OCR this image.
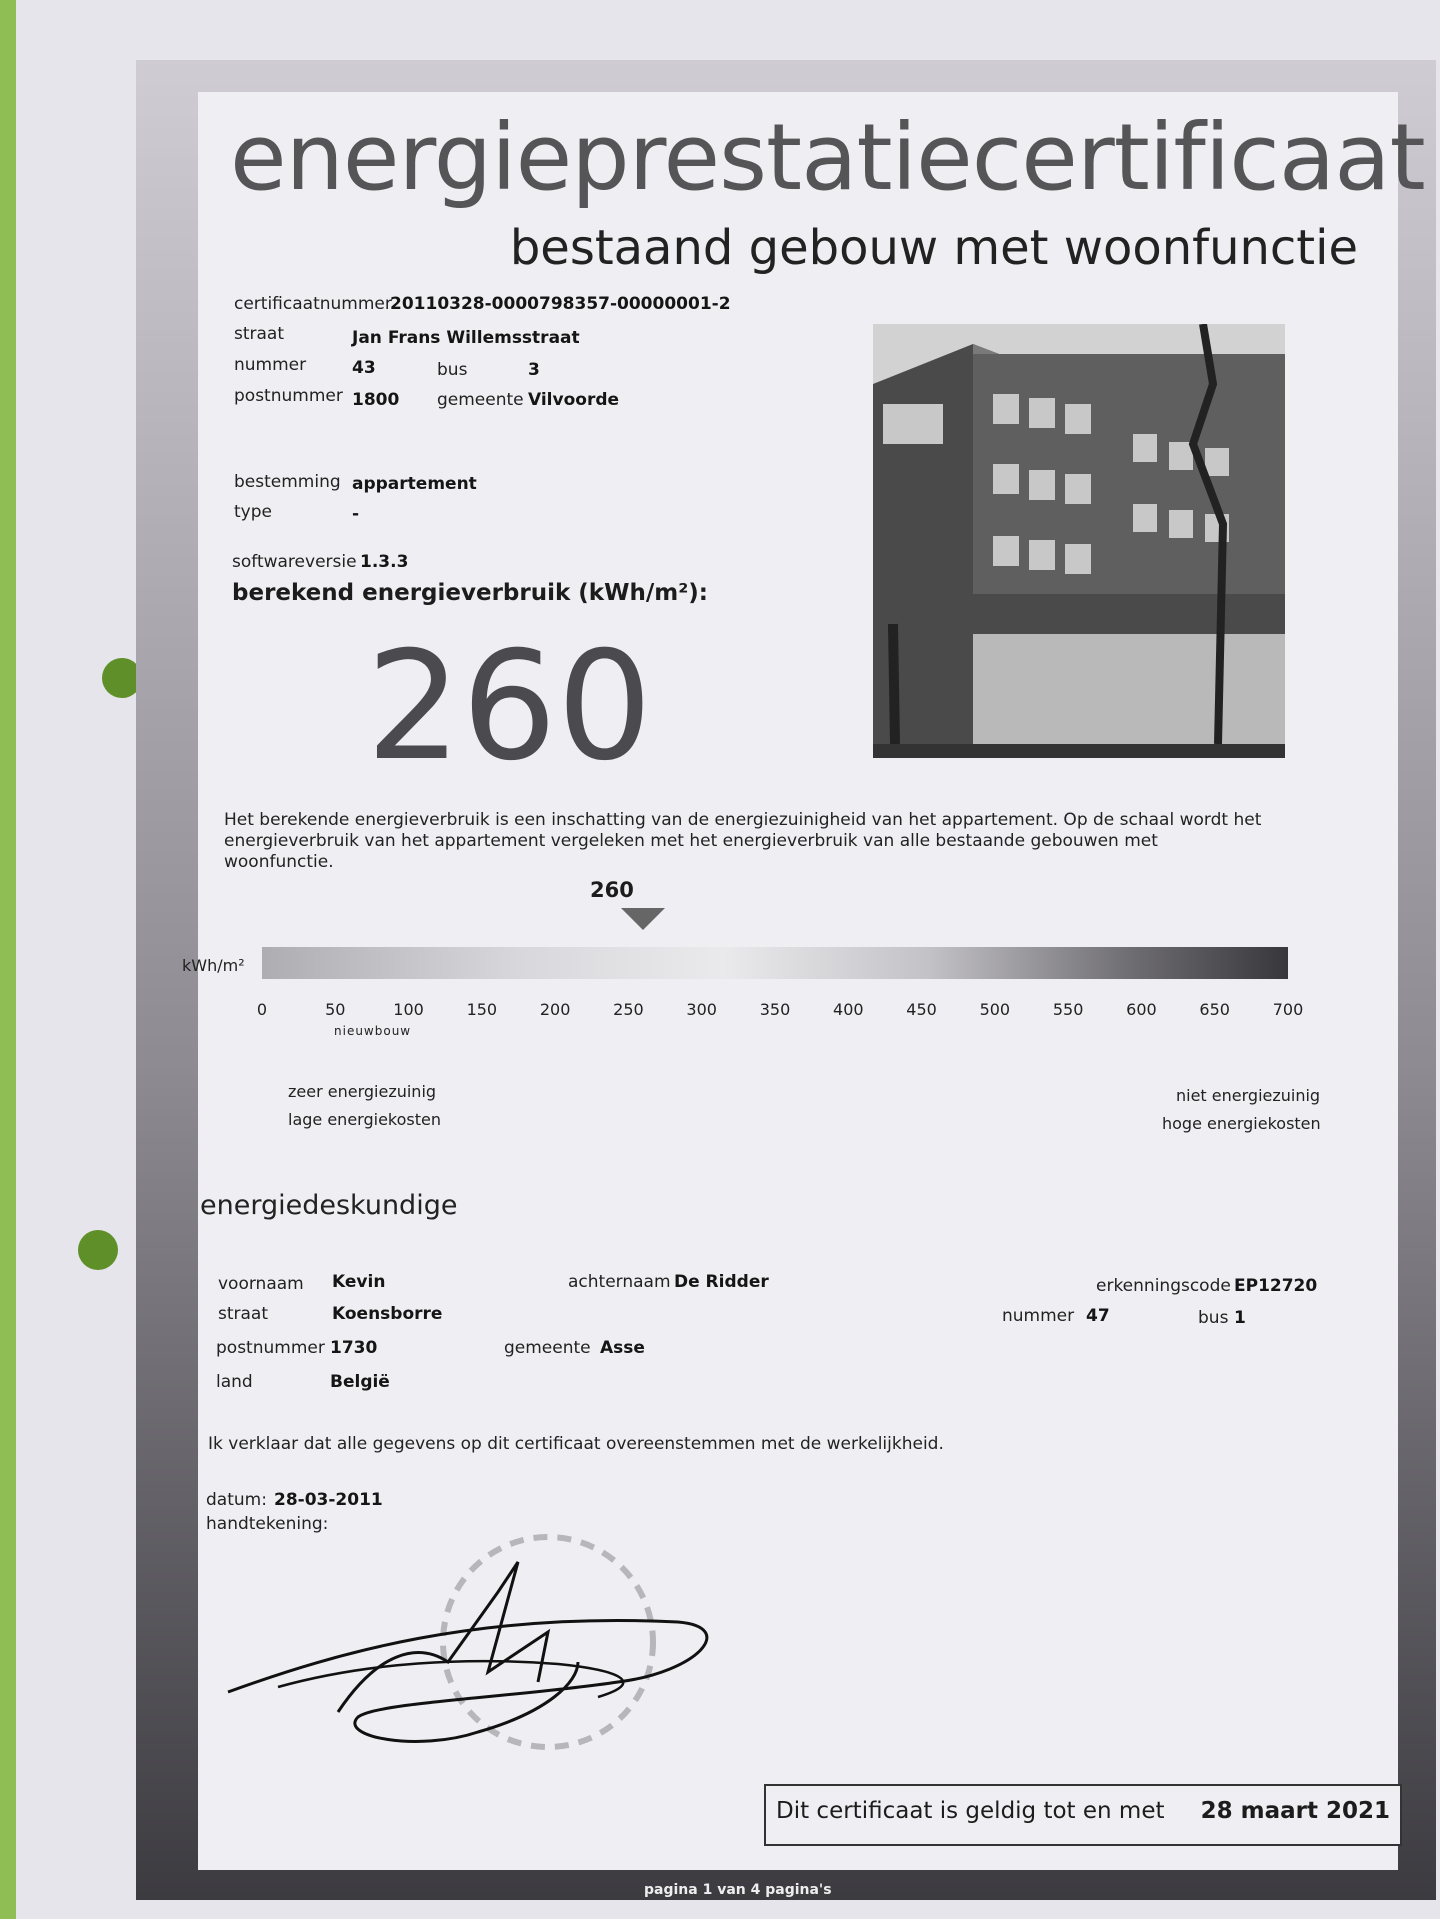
energieprestatiecertificaat
bestaand gebouw met woonfunctie
certificaatnummer
20110328-0000798357-00000001-2
straat	Jan Frans Willemsstraat
nummer	43	bus	3
postnummer 1800 gemeente Vilvoorde
bestemming appartement
type	-
softwareversie 1.3.3
berekend energieverbruik (kWh/m²):
260
Het berekende energieverbruik is een inschatting van de energiezuinigheid van het appartement. Op de schaal wordt het energieverbruik van het appartement vergeleken met het energieverbruik van alle bestaande gebouwen met woonfunctie.
260
kWh/m²
0	50	100	150	200	250	300	350	400	450	500	550	600	650	700
nieuwbouw
zeer energiezuinig
lage energiekosten
niet energiezuinig
hoge energiekosten
energiedeskundige
voornaam Kevin	achternaam De Ridder	erkenningscode EP12720
straat	Koensborre	nummer 47	bus 1
postnummer 1730	gemeente Asse
land	België
Ik verklaar dat alle gegevens op dit certificaat overeenstemmen met de werkelijkheid.
datum: 28-03-2011
handtekening:
Dit certificaat is geldig tot en met 28 maart 2021
pagina 1 van 4 pagina's
